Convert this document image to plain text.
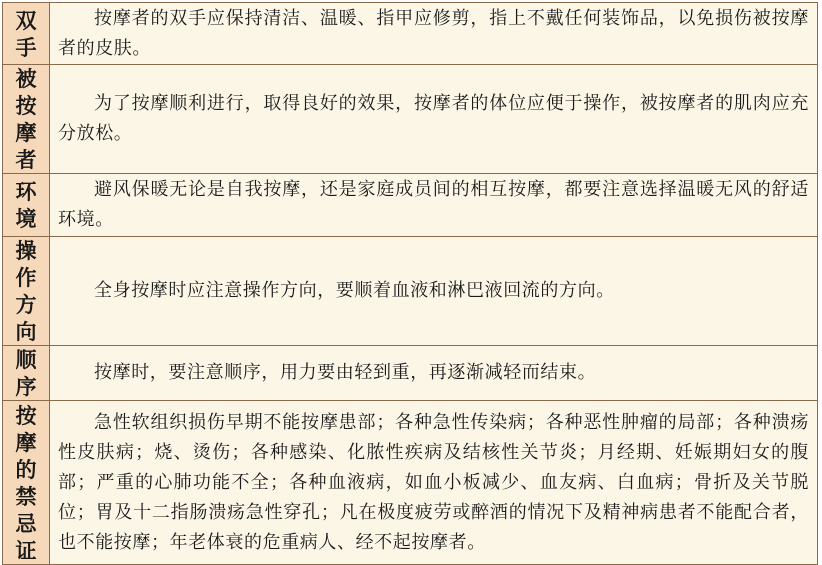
双手	按摩者的双手应保持清洁、温暖、指甲应修剪，指上不戴任何装饰品，以免损伤被按摩者的皮肤。

被按摩者	为了按摩顺利进行，取得良好的效果，按摩者的体位应便于操作，被按摩者的肌肉应充分放松。

环境	避风保暖无论是自我按摩，还是家庭成员间的相互按摩，都要注意选择温暖无风的舒适环境。

操作方向	全身按摩时应注意操作方向，要顺着血液和淋巴液回流的方向。

顺序	按摩时，要注意顺序，用力要由轻到重，再逐渐减轻而结束。

按摩的禁忌证	急性软组织损伤早期不能按摩患部；各种急性传染病；各种恶性肿瘤的局部；各种溃疡性皮肤病；烧、烫伤；各种感染、化脓性疾病及结核性关节炎；月经期、妊娠期妇女的腹部；严重的心肺功能不全；各种血液病，如血小板减少、血友病、白血病；骨折及关节脱位；胃及十二指肠溃疡急性穿孔；凡在极度疲劳或醉酒的情况下及精神病患者不能配合者，也不能按摩；年老体衰的危重病人、经不起按摩者。
